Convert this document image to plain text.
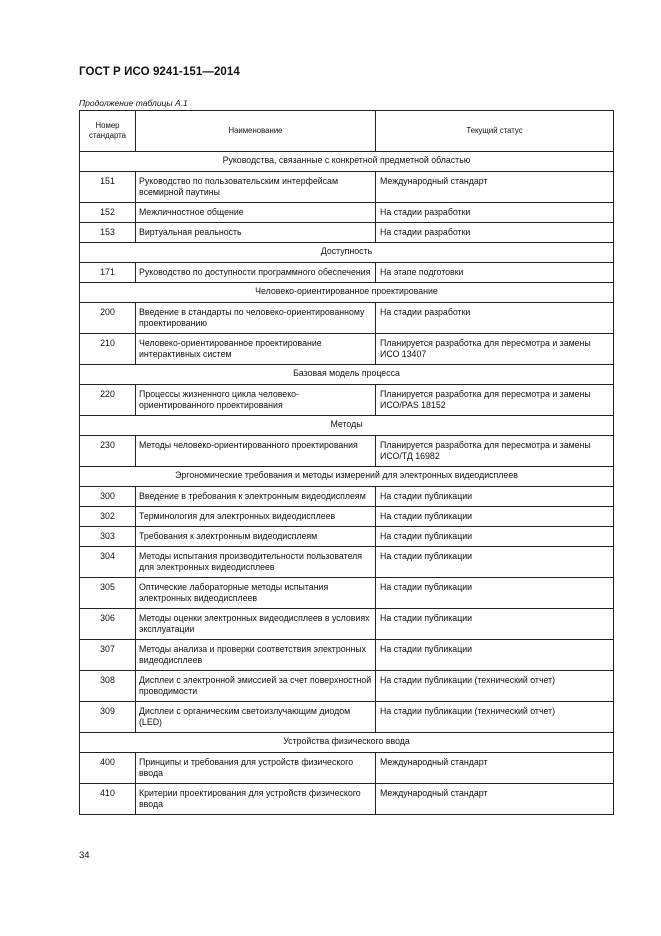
ГОСТ Р ИСО 9241-151—2014
Продолжение таблицы А.1
Номер стандарта	Наименование	Текущий статус
Руководства, связанные с конкретной предметной областью		
151	Руководство по пользовательским интерфейсам всемирной паутины	Международный стандарт
152	Межличностное общение	На стадии разработки
153	Виртуальная реальность	На стадии разработки
Доступность		
171	Руководство по доступности программного обеспечения	На этапе подготовки
Человеко-ориентированное проектирование		
200	Введение в стандарты по человеко-ориентированному проектированию	На стадии разработки
210	Человеко-ориентированное проектирование интерактивных систем	Планируется разработка для пересмотра и замены ИСО 13407
Базовая модель процесса		
220	Процессы жизненного цикла человеко-ориентированного проектирования	Планируется разработка для пересмотра и замены ИСО/PAS 18152
Методы		
230	Методы человеко-ориентированного проектирования	Планируется разработка для пересмотра и замены ИСО/ТД 16982
Эргономические требования и методы измерений для электронных видеодисплеев		
300	Введение в требования к электронным видеодисплеям	На стадии публикации
302	Терминология для электронных видеодисплеев	На стадии публикации
303	Требования к электронным видеодисплеям	На стадии публикации
304	Методы испытания производительности пользователя для электронных видеодисплеев	На стадии публикации
305	Оптические лабораторные методы испытания электронных видеодисплеев	На стадии публикации
306	Методы оценки электронных видеодисплеев в условиях эксплуатации	На стадии публикации
307	Методы анализа и проверки соответствия электронных видеодисплеев	На стадии публикации
308	Дисплеи с электронной эмиссией за счет поверхностной проводимости	На стадии публикации (технический отчет)
309	Дисплеи с органическим светоизлучающим диодом (LED)	На стадии публикации (технический отчет)
Устройства физического ввода		
400	Принципы и требования для устройств физического ввода	Международный стандарт
410	Критерии проектирования для устройств физического ввода	Международный стандарт
34
